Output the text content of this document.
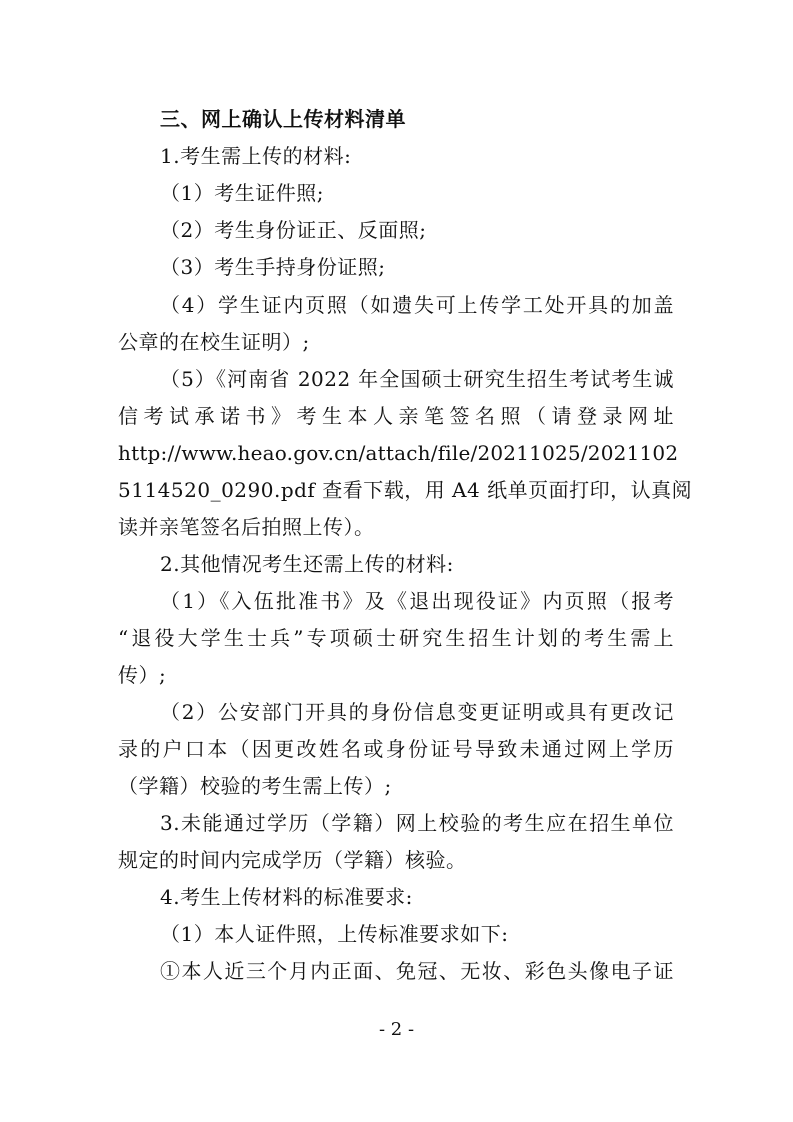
三、网上确认上传材料清单
1.考生需上传的材料:
（1）考生证件照;
（2）考生身份证正、反面照;
（3）考生手持身份证照;
（4）学生证内页照（如遗失可上传学工处开具的加盖
公章的在校生证明）;
（5）《河南省 2022 年全国硕士研究生招生考试考生诚
信考试承诺书》考生本人亲笔签名照（请登录网址
http://www.heao.gov.cn/attach/file/20211025/2021102
5114520_0290.pdf 查看下载，用 A4 纸单页面打印，认真阅
读并亲笔签名后拍照上传）。
2.其他情况考生还需上传的材料:
（1）《入伍批准书》及《退出现役证》内页照（报考
“退役大学生士兵”专项硕士研究生招生计划的考生需上
传）;
（2）公安部门开具的身份信息变更证明或具有更改记
录的户口本（因更改姓名或身份证号导致未通过网上学历
（学籍）校验的考生需上传）;
3.未能通过学历（学籍）网上校验的考生应在招生单位
规定的时间内完成学历（学籍）核验。
4.考生上传材料的标准要求:
（1）本人证件照，上传标准要求如下:
①本人近三个月内正面、免冠、无妆、彩色头像电子证
- 2 -
